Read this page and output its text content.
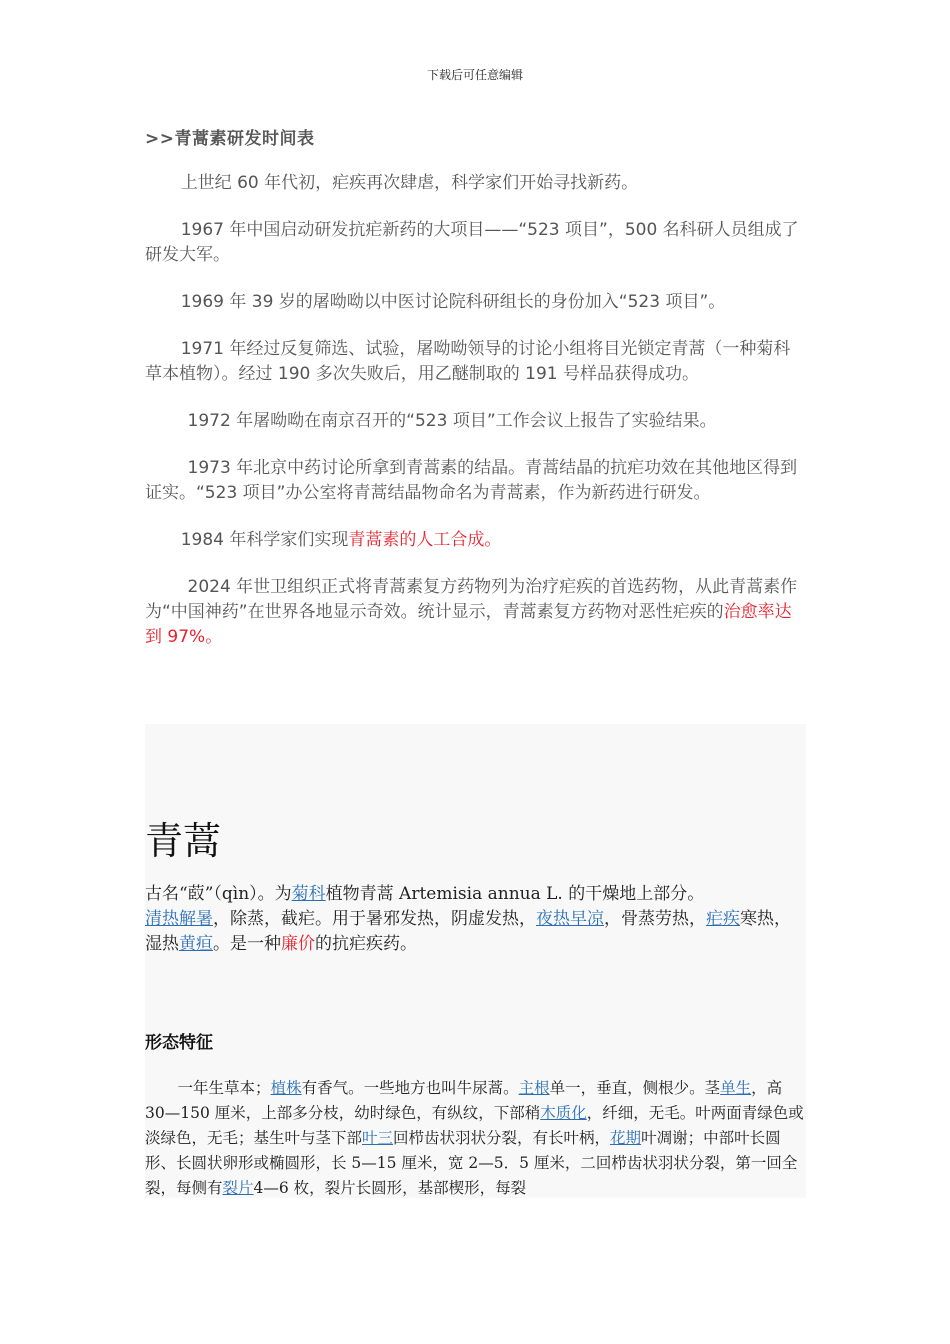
下载后可任意编辑
>>青蒿素研发时间表

上世纪 60 年代初，疟疾再次肆虐，科学家们开始寻找新药。

1967 年中国启动研发抗疟新药的大项目——“523 项目”，500 名科研人员组成了研发大军。

1969 年 39 岁的屠呦呦以中医讨论院科研组长的身份加入“523 项目”。

1971 年经过反复筛选、试验，屠呦呦领导的讨论小组将目光锁定青蒿（一种菊科草本植物）。经过 190 多次失败后，用乙醚制取的 191 号样品获得成功。

1972 年屠呦呦在南京召开的“523 项目”工作会议上报告了实验结果。

1973 年北京中药讨论所拿到青蒿素的结晶。青蒿结晶的抗疟功效在其他地区得到证实。“523 项目”办公室将青蒿结晶物命名为青蒿素，作为新药进行研发。

1984 年科学家们实现青蒿素的人工合成。

2024 年世卫组织正式将青蒿素复方药物列为治疗疟疾的首选药物，从此青蒿素作为“中国神药”在世界各地显示奇效。统计显示，青蒿素复方药物对恶性疟疾的治愈率达到 97%。

青蒿
古名“菣”（qìn）。为菊科植物青蒿 Artemisia annua L. 的干燥地上部分。
清热解暑，除蒸，截疟。用于暑邪发热，阴虚发热，夜热早凉，骨蒸劳热，疟疾寒热，湿热黄疸。是一种廉价的抗疟疾药。
形态特征
一年生草本；植株有香气。一些地方也叫牛尿蒿。主根单一，垂直，侧根少。茎单生，高 30—150 厘米，上部多分枝，幼时绿色，有纵纹，下部稍木质化，纤细，无毛。叶两面青绿色或淡绿色，无毛；基生叶与茎下部叶三回栉齿状羽状分裂，有长叶柄，花期叶凋谢；中部叶长圆形、长圆状卵形或椭圆形，长 5—15 厘米，宽 2—5．5 厘米，二回栉齿状羽状分裂，第一回全裂，每侧有裂片4—6 枚，裂片长圆形，基部楔形，每裂
